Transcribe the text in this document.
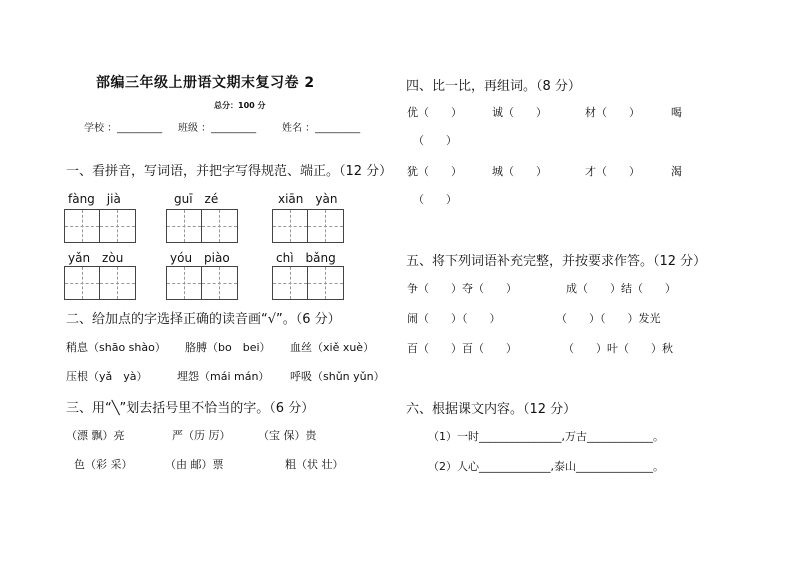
部编三年级上册语文期末复习卷 2
总分：100 分
学校 ：_________ 班级 ：_________	姓名 ：_________
一、看拼音，写词语，并把字写得规范、端正。（12 分）
fàng　jià	guī　zé	xiān　yàn
yǎn　zòu	yóu　piào	chì　bǎng
二、给加点的字选择正确的读音画“√”。（6 分）
稍息（shāo shào） 胳膊（bo　bei） 血丝（xiě xuè）
压根（yǎ　yà）	埋怨（mái mán） 呼吸（shǔn yǔn）
三、用“╲”划去括号里不恰当的字。（6 分）
（漂 飘）亮	严（历 厉）	（宝 保）贵
色（彩 采）	（由 邮）票	粗（状 壮）
四、比一比，再组词。（8 分）
优（　　）	诚（　　）	材（　　）	喝
（　　）
犹（　　）	城（　　）	才（　　）	渴
（　　）
五、将下列词语补充完整，并按要求作答。（12 分）
争（　　）夺（　　）	成（　　）结（　　）
闹（　　）（　　）	（　　）（　　）发光
百（　　）百（　　）	（　　）叶（　　）秋
六、根据课文内容。（12 分）
（1）一时_______________,万古____________。
（2）人心_____________,泰山______________。
